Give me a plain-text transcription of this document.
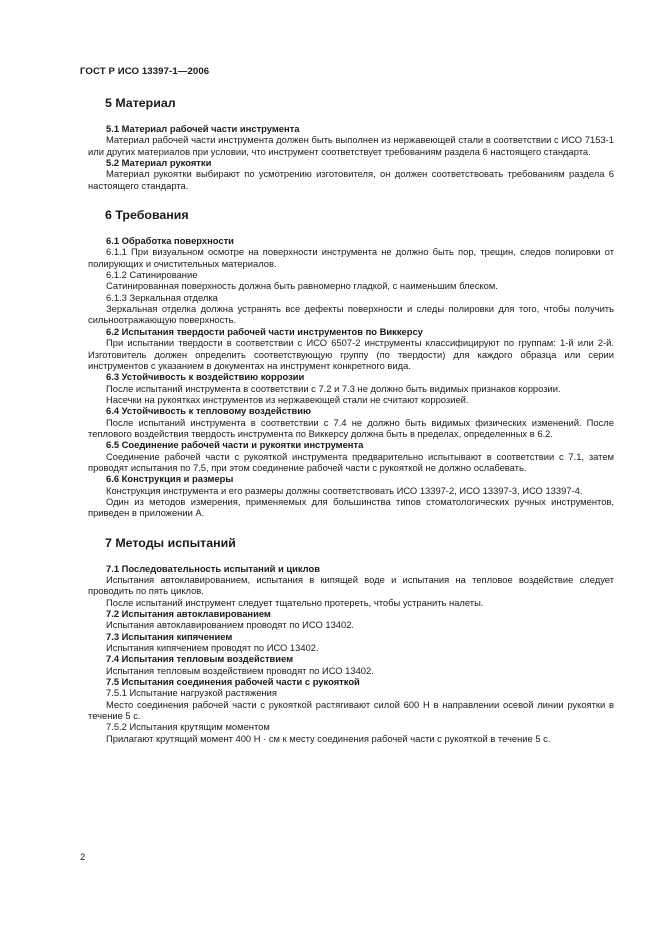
ГОСТ Р ИСО 13397-1—2006

5 Материал

5.1 Материал рабочей части инструмента

Материал рабочей части инструмента должен быть выполнен из нержавеющей стали в соответствии с ИСО 7153-1 или других материалов при условии, что инструмент соответствует требованиям раздела 6 настоящего стандарта.

5.2 Материал рукоятки

Материал рукоятки выбирают по усмотрению изготовителя, он должен соответствовать требованиям раздела 6 настоящего стандарта.

6 Требования

6.1 Обработка поверхности

6.1.1 При визуальном осмотре на поверхности инструмента не должно быть пор, трещин, следов полировки от полирующих и очистительных материалов.

6.1.2 Сатинирование

Сатинированная поверхность должна быть равномерно гладкой, с наименьшим блеском.

6.1.3 Зеркальная отделка

Зеркальная отделка должна устранять все дефекты поверхности и следы полировки для того, чтобы получить сильноотражающую поверхность.

6.2 Испытания твердости рабочей части инструментов по Виккерсу

При испытании твердости в соответствии с ИСО 6507-2 инструменты классифицируют по группам: 1-й или 2-й. Изготовитель должен определить соответствующую группу (по твердости) для каждого образца или серии инструментов с указанием в документах на инструмент конкретного вида.

6.3 Устойчивость к воздействию коррозии

После испытаний инструмента в соответствии с 7.2 и 7.3 не должно быть видимых признаков коррозии.

Насечки на рукоятках инструментов из нержавеющей стали не считают коррозией.

6.4 Устойчивость к тепловому воздействию

После испытаний инструмента в соответствии с 7.4 не должно быть видимых физических изменений. После теплового воздействия твердость инструмента по Виккерсу должна быть в пределах, определенных в 6.2.

6.5 Соединение рабочей части и рукоятки инструмента

Соединение рабочей части с рукояткой инструмента предварительно испытывают в соответствии с 7.1, затем проводят испытания по 7.5, при этом соединение рабочей части с рукояткой не должно ослабевать.

6.6 Конструкция и размеры

Конструкция инструмента и его размеры должны соответствовать ИСО 13397-2, ИСО 13397-3, ИСО 13397-4.

Один из методов измерения, применяемых для большинства типов стоматологических ручных инструментов, приведен в приложении А.

7 Методы испытаний

7.1 Последовательность испытаний и циклов

Испытания автоклавированием, испытания в кипящей воде и испытания на тепловое воздействие следует проводить по пять циклов.

После испытаний инструмент следует тщательно протереть, чтобы устранить налеты.

7.2 Испытания автоклавированием

Испытания автоклавированием проводят по ИСО 13402.

7.3 Испытания кипячением

Испытания кипячением проводят по ИСО 13402.

7.4 Испытания тепловым воздействием

Испытания тепловым воздействием проводят по ИСО 13402.

7.5 Испытания соединения рабочей части с рукояткой

7.5.1 Испытание нагрузкой растяжения

Место соединения рабочей части с рукояткой растягивают силой 600 Н в направлении осевой линии рукоятки в течение 5 с.

7.5.2 Испытания крутящим моментом

Прилагают крутящий момент 400 Н · см к месту соединения рабочей части с рукояткой в течение 5 с.

2
